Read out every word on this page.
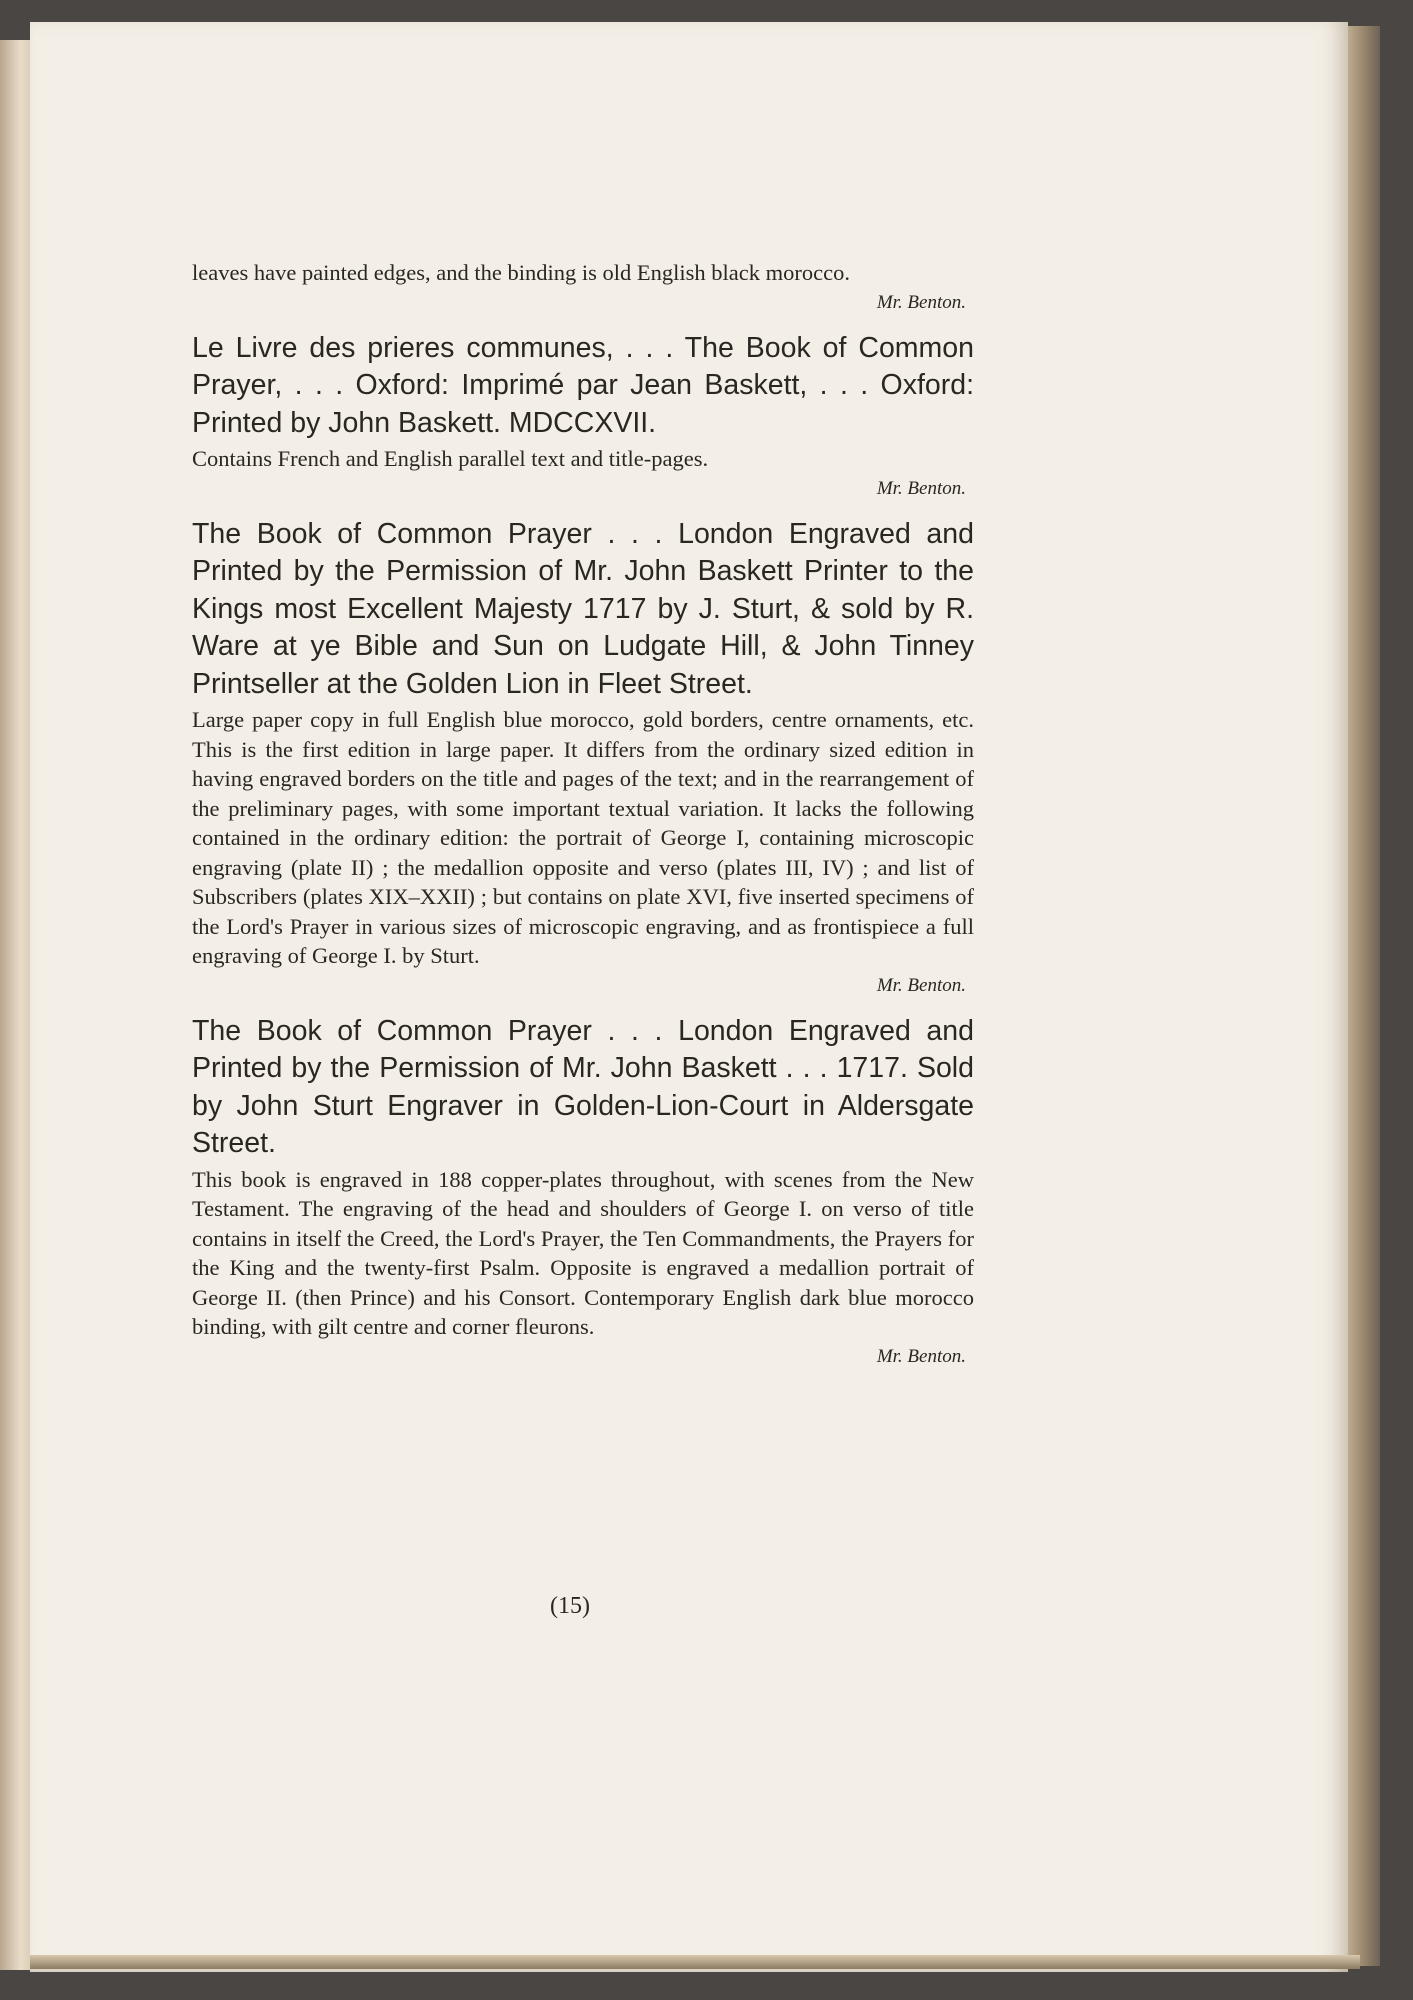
leaves have painted edges, and the binding is old English black morocco.

Mr. Benton.

Le Livre des prieres communes, . . . The Book of Common Prayer, . . . Oxford: Imprimé par Jean Baskett, . . . Oxford: Printed by John Baskett. MDCCXVII.

Contains French and English parallel text and title-pages.

Mr. Benton.

The Book of Common Prayer . . . London Engraved and Printed by the Permission of Mr. John Baskett Printer to the Kings most Excellent Majesty 1717 by J. Sturt, & sold by R. Ware at ye Bible and Sun on Ludgate Hill, & John Tinney Printseller at the Golden Lion in Fleet Street.

Large paper copy in full English blue morocco, gold borders, centre ornaments, etc. This is the first edition in large paper. It differs from the ordinary sized edition in having engraved borders on the title and pages of the text; and in the rearrangement of the preliminary pages, with some important textual variation. It lacks the following contained in the ordinary edition: the portrait of George I, containing microscopic engraving (plate II) ; the medallion opposite and verso (plates III, IV) ; and list of Subscribers (plates XIX–XXII) ; but contains on plate XVI, five inserted specimens of the Lord's Prayer in various sizes of microscopic engraving, and as frontispiece a full engraving of George I. by Sturt.

Mr. Benton.

The Book of Common Prayer . . . London Engraved and Printed by the Permission of Mr. John Baskett . . . 1717. Sold by John Sturt Engraver in Golden-Lion-Court in Aldersgate Street.

This book is engraved in 188 copper-plates throughout, with scenes from the New Testament. The engraving of the head and shoulders of George I. on verso of title contains in itself the Creed, the Lord's Prayer, the Ten Commandments, the Prayers for the King and the twenty-first Psalm. Opposite is engraved a medallion portrait of George II. (then Prince) and his Consort. Contemporary English dark blue morocco binding, with gilt centre and corner fleurons.

Mr. Benton.

(15)
